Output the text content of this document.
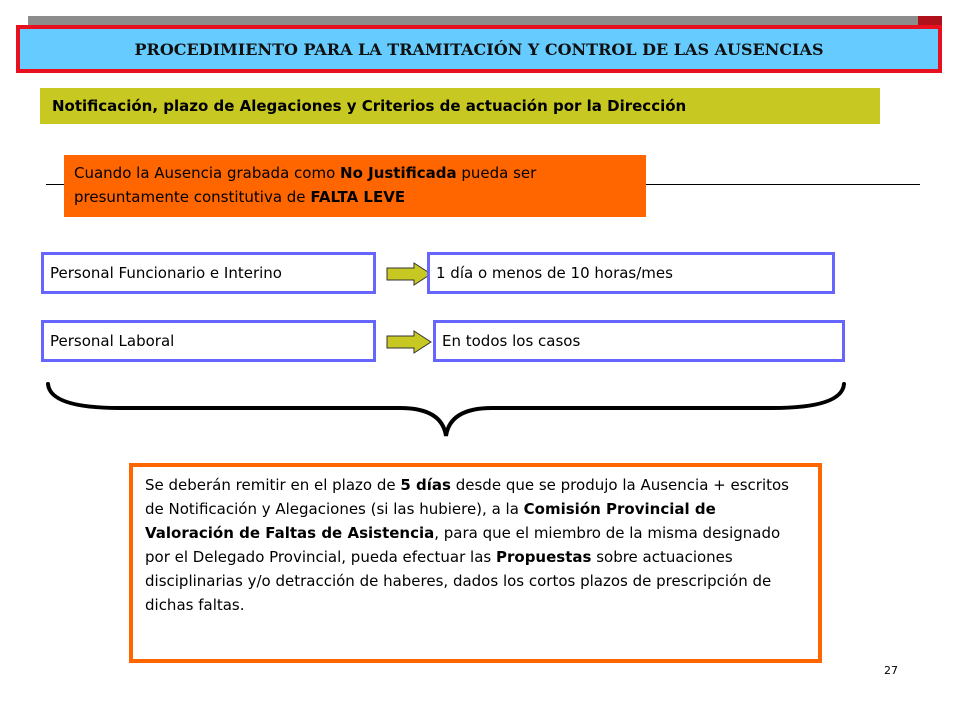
PROCEDIMIENTO PARA LA TRAMITACIÓN Y CONTROL DE LAS AUSENCIAS
Notificación, plazo de Alegaciones y Criterios de actuación por la Dirección
Cuando la Ausencia grabada como No Justificada pueda ser presuntamente constitutiva de FALTA LEVE
Personal Funcionario e Interino	1 día o menos de 10 horas/mes
Personal Laboral	En todos los casos
Se deberán remitir en el plazo de 5 días desde que se produjo la Ausencia + escritos de Notificación y Alegaciones (si las hubiere), a la Comisión Provincial de Valoración de Faltas de Asistencia, para que el miembro de la misma designado por el Delegado Provincial, pueda efectuar las Propuestas sobre actuaciones disciplinarias y/o detracción de haberes, dados los cortos plazos de prescripción de dichas faltas.
27
